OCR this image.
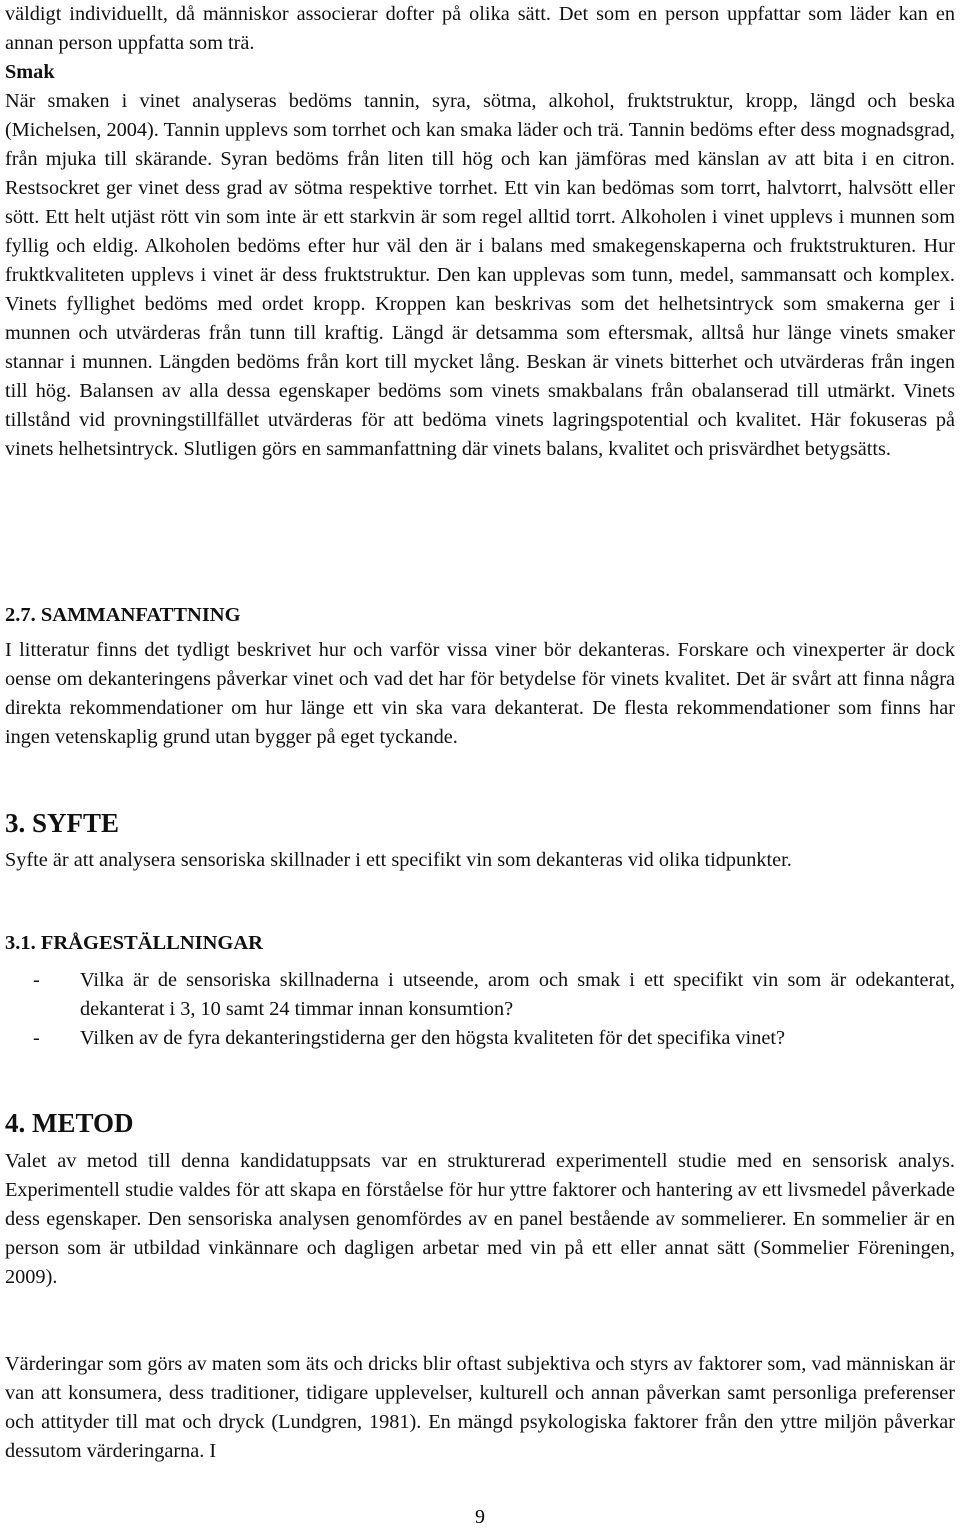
väldigt individuellt, då människor associerar dofter på olika sätt. Det som en person uppfattar som läder kan en annan person uppfatta som trä.

Smak

När smaken i vinet analyseras bedöms tannin, syra, sötma, alkohol, fruktstruktur, kropp, längd och beska (Michelsen, 2004). Tannin upplevs som torrhet och kan smaka läder och trä. Tannin bedöms efter dess mognadsgrad, från mjuka till skärande. Syran bedöms från liten till hög och kan jämföras med känslan av att bita i en citron. Restsockret ger vinet dess grad av sötma respektive torrhet. Ett vin kan bedömas som torrt, halvtorrt, halvsött eller sött. Ett helt utjäst rött vin som inte är ett starkvin är som regel alltid torrt. Alkoholen i vinet upplevs i munnen som fyllig och eldig. Alkoholen bedöms efter hur väl den är i balans med smakegenskaperna och fruktstrukturen. Hur fruktkvaliteten upplevs i vinet är dess fruktstruktur. Den kan upplevas som tunn, medel, sammansatt och komplex. Vinets fyllighet bedöms med ordet kropp. Kroppen kan beskrivas som det helhetsintryck som smakerna ger i munnen och utvärderas från tunn till kraftig. Längd är detsamma som eftersmak, alltså hur länge vinets smaker stannar i munnen. Längden bedöms från kort till mycket lång. Beskan är vinets bitterhet och utvärderas från ingen till hög. Balansen av alla dessa egenskaper bedöms som vinets smakbalans från obalanserad till utmärkt. Vinets tillstånd vid provningstillfället utvärderas för att bedöma vinets lagringspotential och kvalitet. Här fokuseras på vinets helhetsintryck. Slutligen görs en sammanfattning där vinets balans, kvalitet och prisvärdhet betygsätts.

2.7. SAMMANFATTNING

I litteratur finns det tydligt beskrivet hur och varför vissa viner bör dekanteras. Forskare och vinexperter är dock oense om dekanteringens påverkar vinet och vad det har för betydelse för vinets kvalitet. Det är svårt att finna några direkta rekommendationer om hur länge ett vin ska vara dekanterat. De flesta rekommendationer som finns har ingen vetenskaplig grund utan bygger på eget tyckande.

3. SYFTE

Syfte är att analysera sensoriska skillnader i ett specifikt vin som dekanteras vid olika tidpunkter.

3.1. FRÅGESTÄLLNINGAR
- Vilka är de sensoriska skillnaderna i utseende, arom och smak i ett specifikt vin som är odekanterat, dekanterat i 3, 10 samt 24 timmar innan konsumtion?
- Vilken av de fyra dekanteringstiderna ger den högsta kvaliteten för det specifika vinet?
4. METOD

Valet av metod till denna kandidatuppsats var en strukturerad experimentell studie med en sensorisk analys. Experimentell studie valdes för att skapa en förståelse för hur yttre faktorer och hantering av ett livsmedel påverkade dess egenskaper. Den sensoriska analysen genomfördes av en panel bestående av sommelierer. En sommelier är en person som är utbildad vinkännare och dagligen arbetar med vin på ett eller annat sätt (Sommelier Föreningen, 2009).

Värderingar som görs av maten som äts och dricks blir oftast subjektiva och styrs av faktorer som, vad människan är van att konsumera, dess traditioner, tidigare upplevelser, kulturell och annan påverkan samt personliga preferenser och attityder till mat och dryck (Lundgren, 1981). En mängd psykologiska faktorer från den yttre miljön påverkar dessutom värderingarna. I

9
